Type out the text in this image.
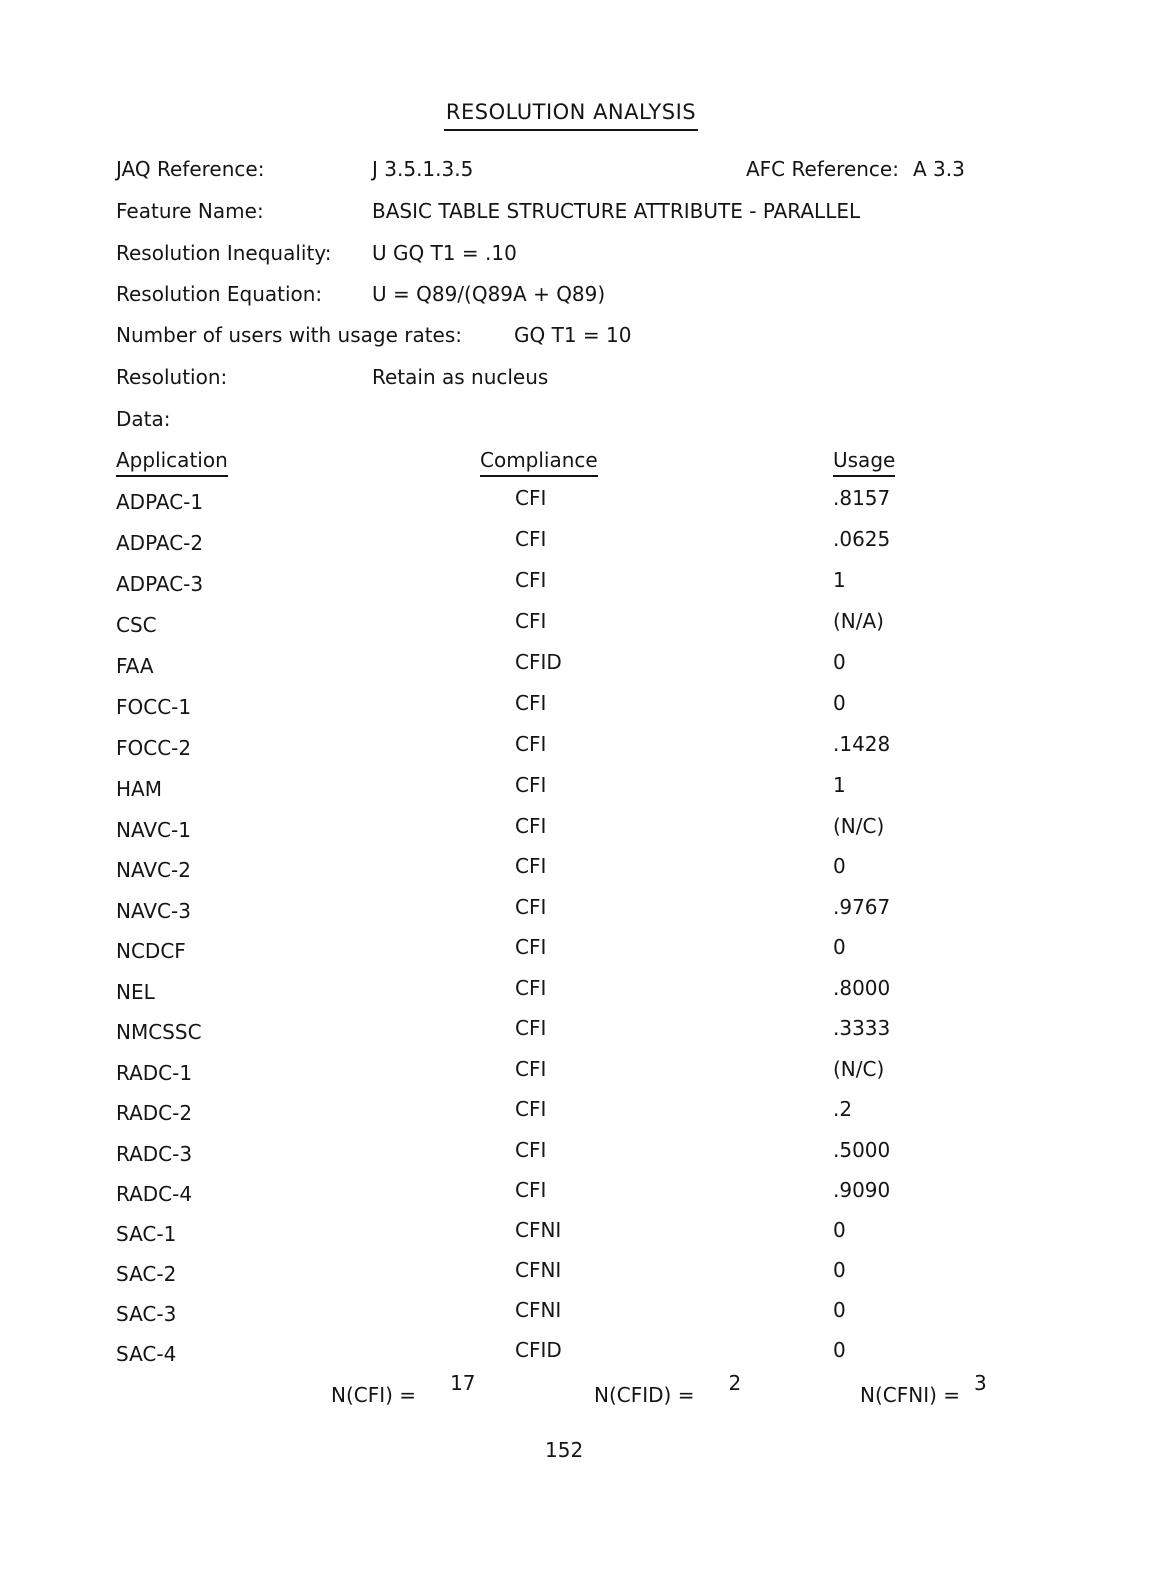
RESOLUTION ANALYSIS
JAQ Reference:	J 3.5.1.3.5	AFC Reference: A 3.3
Feature Name:	BASIC TABLE STRUCTURE ATTRIBUTE - PARALLEL
Resolution Inequality: U GQ T1 = .10
Resolution Equation: U = Q89/(Q89A + Q89)
Number of users with usage rates:	GQ T1 = 10
Resolution:	Retain as nucleus
Data:
Application	Compliance	Usage
ADPAC-1	CFI	.8157
ADPAC-2	CFI	.0625
ADPAC-3	CFI	1
CSC	CFI	(N/A)
FAA	CFID	0
FOCC-1	CFI	0
FOCC-2	CFI	.1428
HAM	CFI	1
NAVC-1	CFI	(N/C)
NAVC-2	CFI	0
NAVC-3	CFI	.9767
NCDCF	CFI	0
NEL	CFI	.8000
NMCSSC	CFI	.3333
RADC-1	CFI	(N/C)
RADC-2	CFI	.2
RADC-3	CFI	.5000
RADC-4	CFI	.9090
SAC-1	CFNI	0
SAC-2	CFNI	0
SAC-3	CFNI	0
SAC-4	CFID	0
N(CFI) = 17	N(CFID) = 2	N(CFNI) = 3
152
